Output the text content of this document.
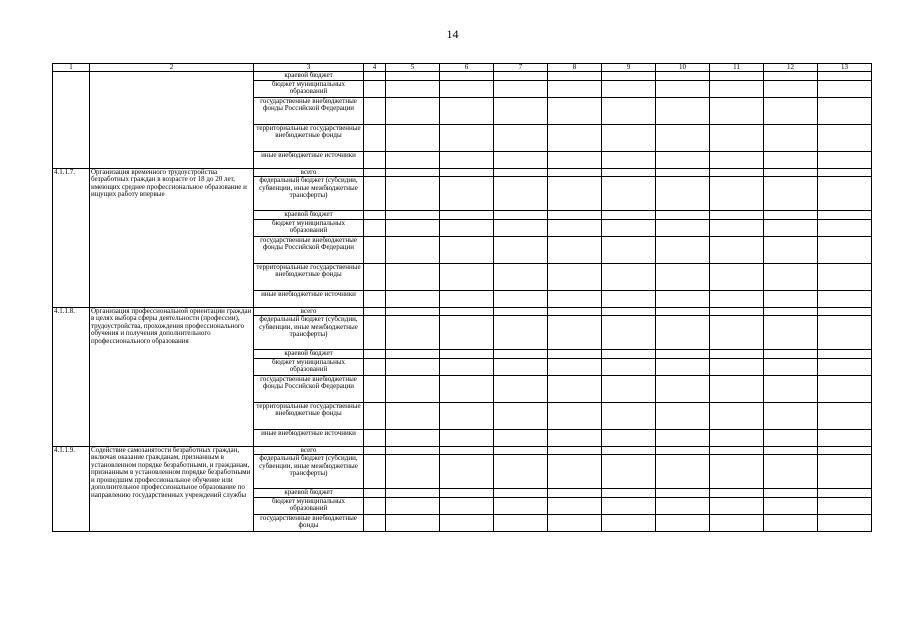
14
1	2	3	4	5	6	7	8	9	10	11	12	13
		краевой бюджет										
		бюджет муниципальных образований										
		государственные внебюджетные фонды Российской Федерации										
		территориальные государственные внебюджетные фонды										
		иные внебюджетные источники										
4.1.1.7.	Организация временного трудоустройства безработных граждан в возрасте от 18 до 20 лет, имеющих среднее профессиональное образование и ищущих работу впервые	всего										
		федеральный бюджет (субсидии, субвенции, иные межбюджетные трансферты)										
		краевой бюджет										
		бюджет муниципальных образований										
		государственные внебюджетные фонды Российской Федерации										
		территориальные государственные внебюджетные фонды										
		иные внебюджетные источники										
4.1.1.8.	Организация профессиональной ориентации граждан в целях выбора сферы деятельности (профессии), трудоустройства, прохождения профессионального обучения и получения дополнительного профессионального образования	всего										
		федеральный бюджет (субсидии, субвенции, иные межбюджетные трансферты)										
		краевой бюджет										
		бюджет муниципальных образований										
		государственные внебюджетные фонды Российской Федерации										
		территориальные государственные внебюджетные фонды										
		иные внебюджетные источники										
4.1.1.9.	Содействие самозанятости безработных граждан, включая оказание гражданам, признанным в установленном порядке безработными, и гражданам, признанным в установленном порядке безработными и прошедшим профессиональное обучение или дополнительное профессиональное образование по направлению государственных учреждений службы	всего										
		федеральный бюджет (субсидии, субвенции, иные межбюджетные трансферты)										
		краевой бюджет										
		бюджет муниципальных образований										
		государственные внебюджетные фонды										
